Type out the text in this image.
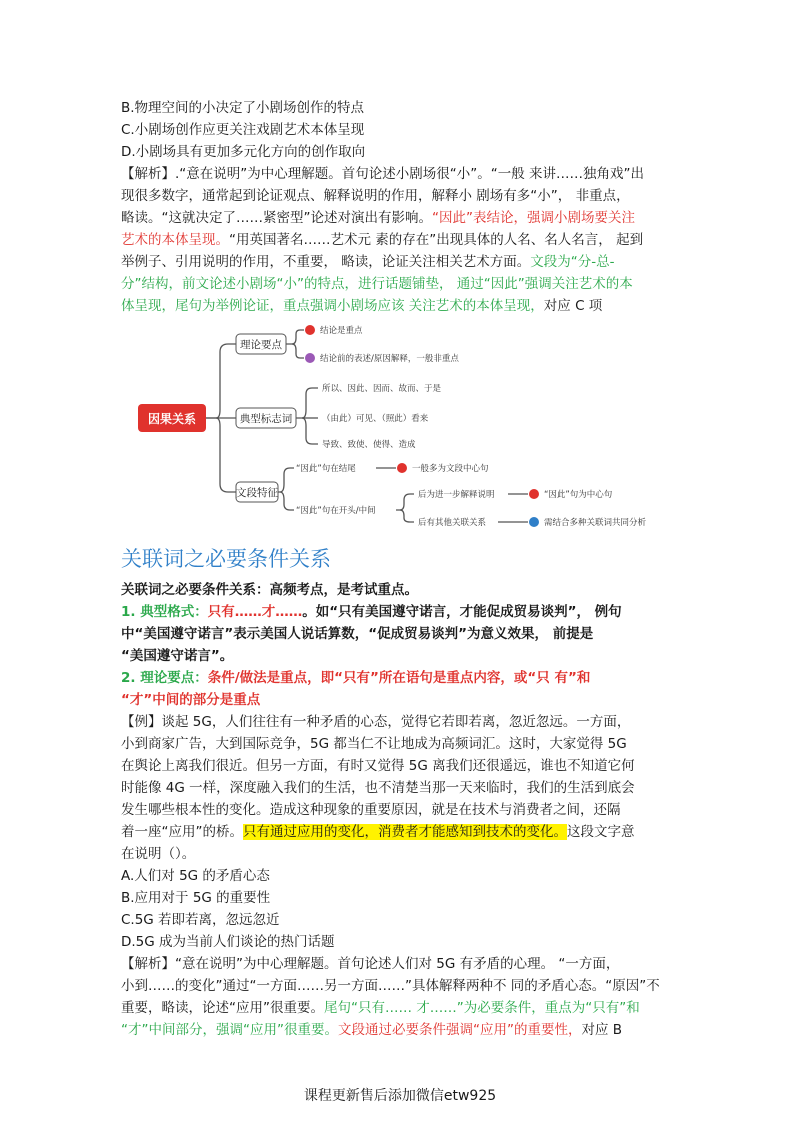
B.物理空间的小决定了小剧场创作的特点
C.小剧场创作应更关注戏剧艺术本体呈现
D.小剧场具有更加多元化方向的创作取向
【解析】.“意在说明”为中心理解题。首句论述小剧场很“小”。“一般 来讲……独角戏”出
现很多数字，通常起到论证观点、解释说明的作用，解释小 剧场有多“小”， 非重点，
略读。“这就决定了……紧密型”论述对演出有影响。“因此”表结论，强调小剧场要关注
艺术的本体呈现。“用英国著名……艺术元 素的存在”出现具体的人名、名人名言， 起到
举例子、引用说明的作用，不重要， 略读，论证关注相关艺术方面。文段为“分-总-
分”结构，前文论述小剧场“小”的特点，进行话题铺垫， 通过“因此”强调关注艺术的本
体呈现，尾句为举例论证，重点强调小剧场应该 关注艺术的本体呈现，对应 C 项
因果关系
理论要点
典型标志词
文段特征
结论是重点
结论前的表述/原因解释，一般非重点
所以、因此、因而、故而、于是
（由此）可见、（照此）看来
导致、致使、使得、造成
“因此”句在结尾	一般多为文段中心句
“因此”句在开头/中间
后为进一步解释说明	“因此”句为中心句
后有其他关联关系	需结合多种关联词共同分析
关联词之必要条件关系
关联词之必要条件关系：高频考点，是考试重点。
1. 典型格式：只有……才……。如“只有美国遵守诺言，才能促成贸易谈判”， 例句
中“美国遵守诺言”表示美国人说话算数，“促成贸易谈判”为意义效果， 前提是
“美国遵守诺言”。
2. 理论要点：条件/做法是重点，即“只有”所在语句是重点内容，或“只 有”和
“才”中间的部分是重点
【例】谈起 5G，人们往往有一种矛盾的心态，觉得它若即若离，忽近忽远。一方面，
小到商家广告，大到国际竞争，5G 都当仁不让地成为高频词汇。这时，大家觉得 5G
在舆论上离我们很近。但另一方面，有时又觉得 5G 离我们还很遥远，谁也不知道它何
时能像 4G 一样，深度融入我们的生活，也不清楚当那一天来临时，我们的生活到底会
发生哪些根本性的变化。造成这种现象的重要原因，就是在技术与消费者之间，还隔
着一座“应用”的桥。只有通过应用的变化，消费者才能感知到技术的变化。这段文字意
在说明（）。
A.人们对 5G 的矛盾心态
B.应用对于 5G 的重要性
C.5G 若即若离，忽远忽近
D.5G 成为当前人们谈论的热门话题
【解析】“意在说明”为中心理解题。首句论述人们对 5G 有矛盾的心理。 “一方面，
小到……的变化”通过“一方面……另一方面……”具体解释两种不 同的矛盾心态。“原因”不
重要，略读，论述“应用”很重要。尾句“只有…… 才……”为必要条件，重点为“只有”和
“才”中间部分，强调“应用”很重要。文段通过必要条件强调“应用”的重要性，对应 B
课程更新售后添加微信etw925
